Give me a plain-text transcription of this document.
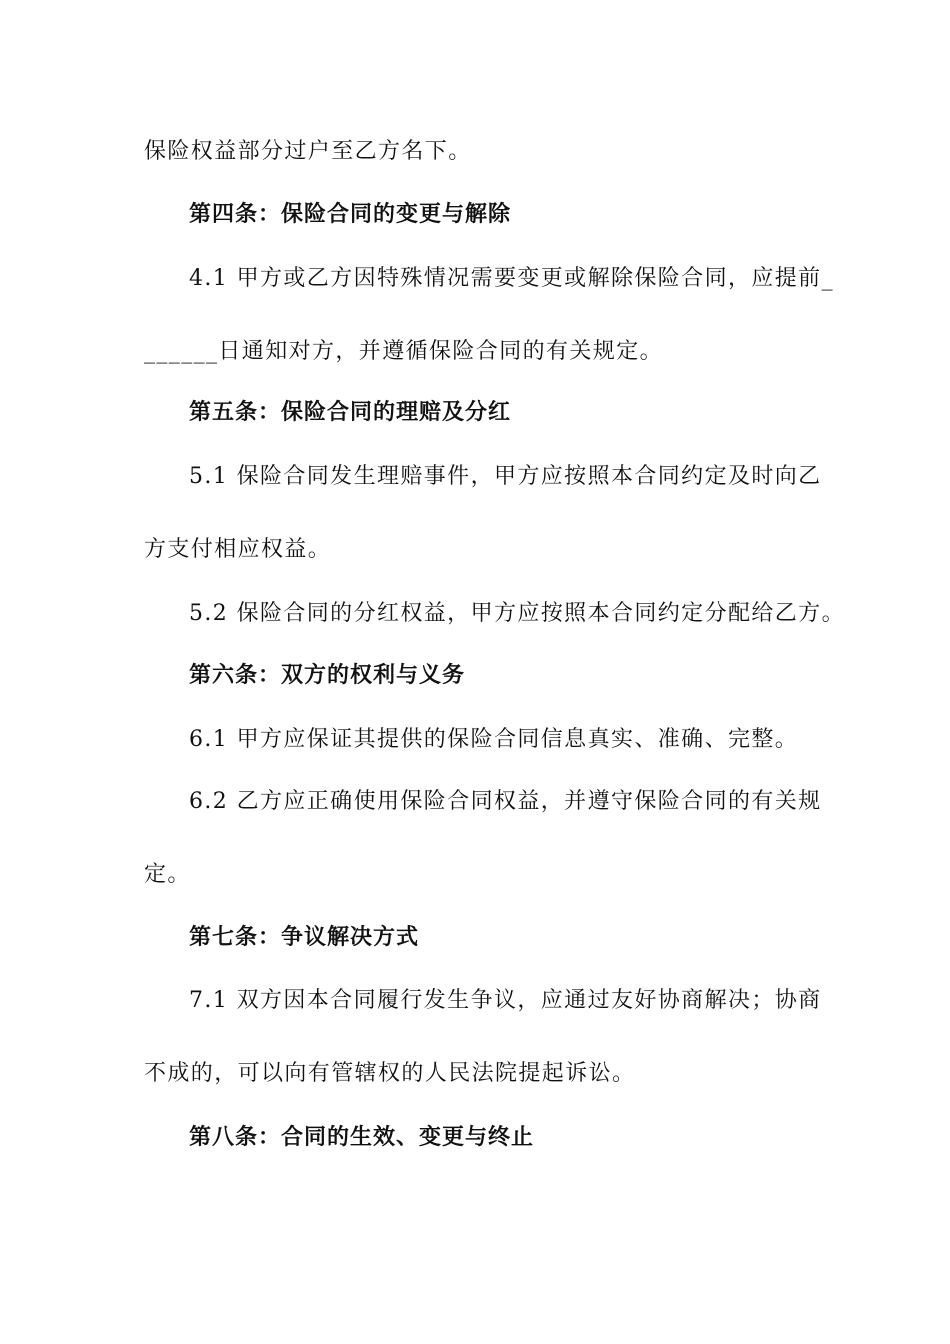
保险权益部分过户至乙方名下。
第四条：保险合同的变更与解除
4.1 甲方或乙方因特殊情况需要变更或解除保险合同，应提前_
______日通知对方，并遵循保险合同的有关规定。
第五条：保险合同的理赔及分红
5.1 保险合同发生理赔事件，甲方应按照本合同约定及时向乙
方支付相应权益。
5.2 保险合同的分红权益，甲方应按照本合同约定分配给乙方。
第六条：双方的权利与义务
6.1 甲方应保证其提供的保险合同信息真实、准确、完整。
6.2 乙方应正确使用保险合同权益，并遵守保险合同的有关规
定。
第七条：争议解决方式
7.1 双方因本合同履行发生争议，应通过友好协商解决；协商
不成的，可以向有管辖权的人民法院提起诉讼。
第八条：合同的生效、变更与终止
